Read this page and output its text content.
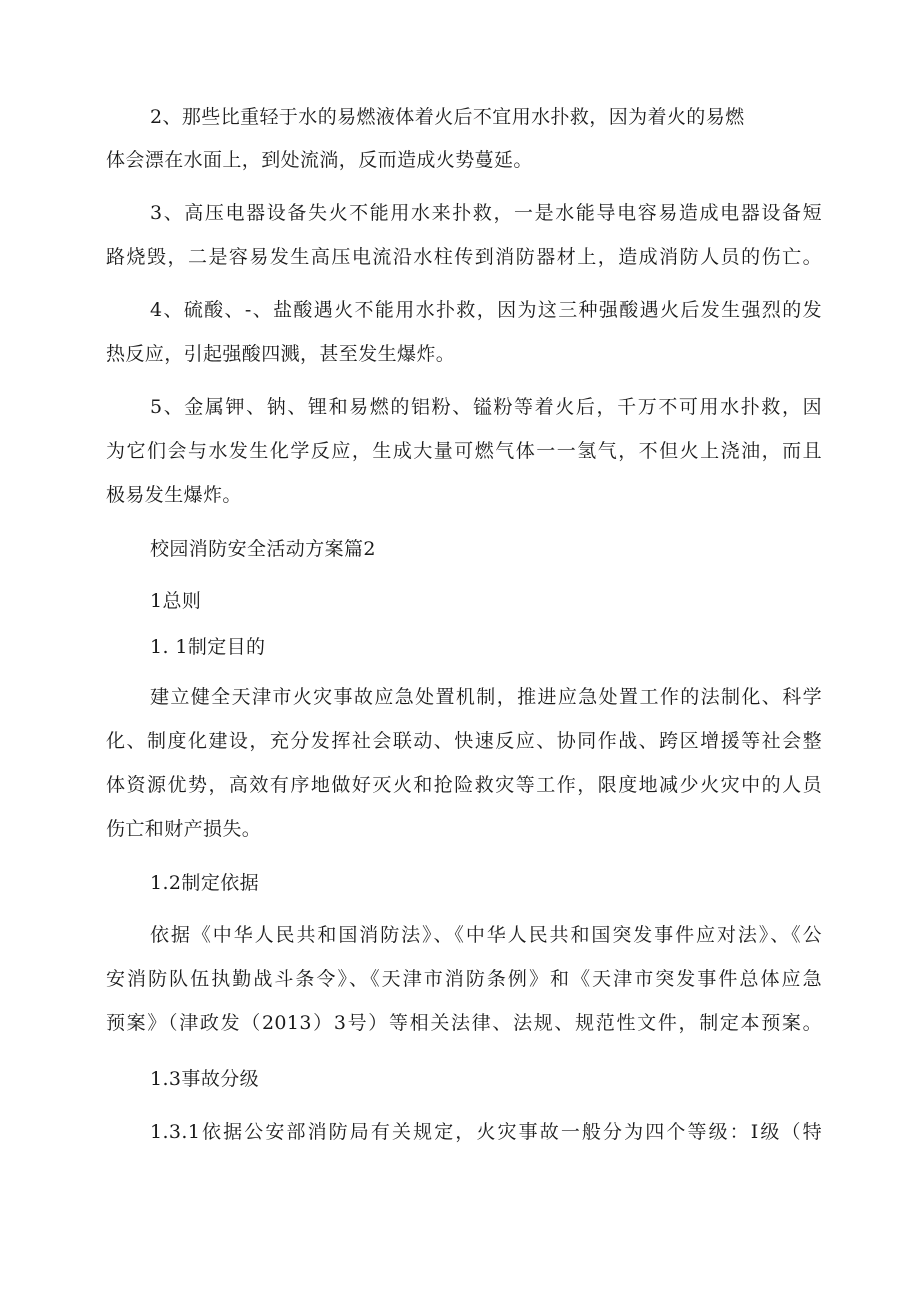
2、那些比重轻于水的易燃液体着火后不宜用水扑救，因为着火的易燃
体会漂在水面上，到处流淌，反而造成火势蔓延。
3、高压电器设备失火不能用水来扑救，一是水能导电容易造成电器设备短
路烧毁，二是容易发生高压电流沿水柱传到消防器材上，造成消防人员的伤亡。
4、硫酸、-、盐酸遇火不能用水扑救，因为这三种强酸遇火后发生强烈的发
热反应，引起强酸四溅，甚至发生爆炸。
5、金属钾、钠、锂和易燃的铝粉、镒粉等着火后，千万不可用水扑救，因
为它们会与水发生化学反应，生成大量可燃气体一一氢气，不但火上浇油，而且
极易发生爆炸。
校园消防安全活动方案篇2
1总则
1. 1制定目的
建立健全天津市火灾事故应急处置机制，推进应急处置工作的法制化、科学
化、制度化建设，充分发挥社会联动、快速反应、协同作战、跨区增援等社会整
体资源优势，高效有序地做好灭火和抢险救灾等工作，限度地减少火灾中的人员
伤亡和财产损失。
1.2制定依据
依据《中华人民共和国消防法》、《中华人民共和国突发事件应对法》、《公
安消防队伍执勤战斗条令》、《天津市消防条例》和《天津市突发事件总体应急
预案》（津政发（2013）3号）等相关法律、法规、规范性文件，制定本预案。
1.3事故分级
1.3.1依据公安部消防局有关规定，火灾事故一般分为四个等级：I级（特
